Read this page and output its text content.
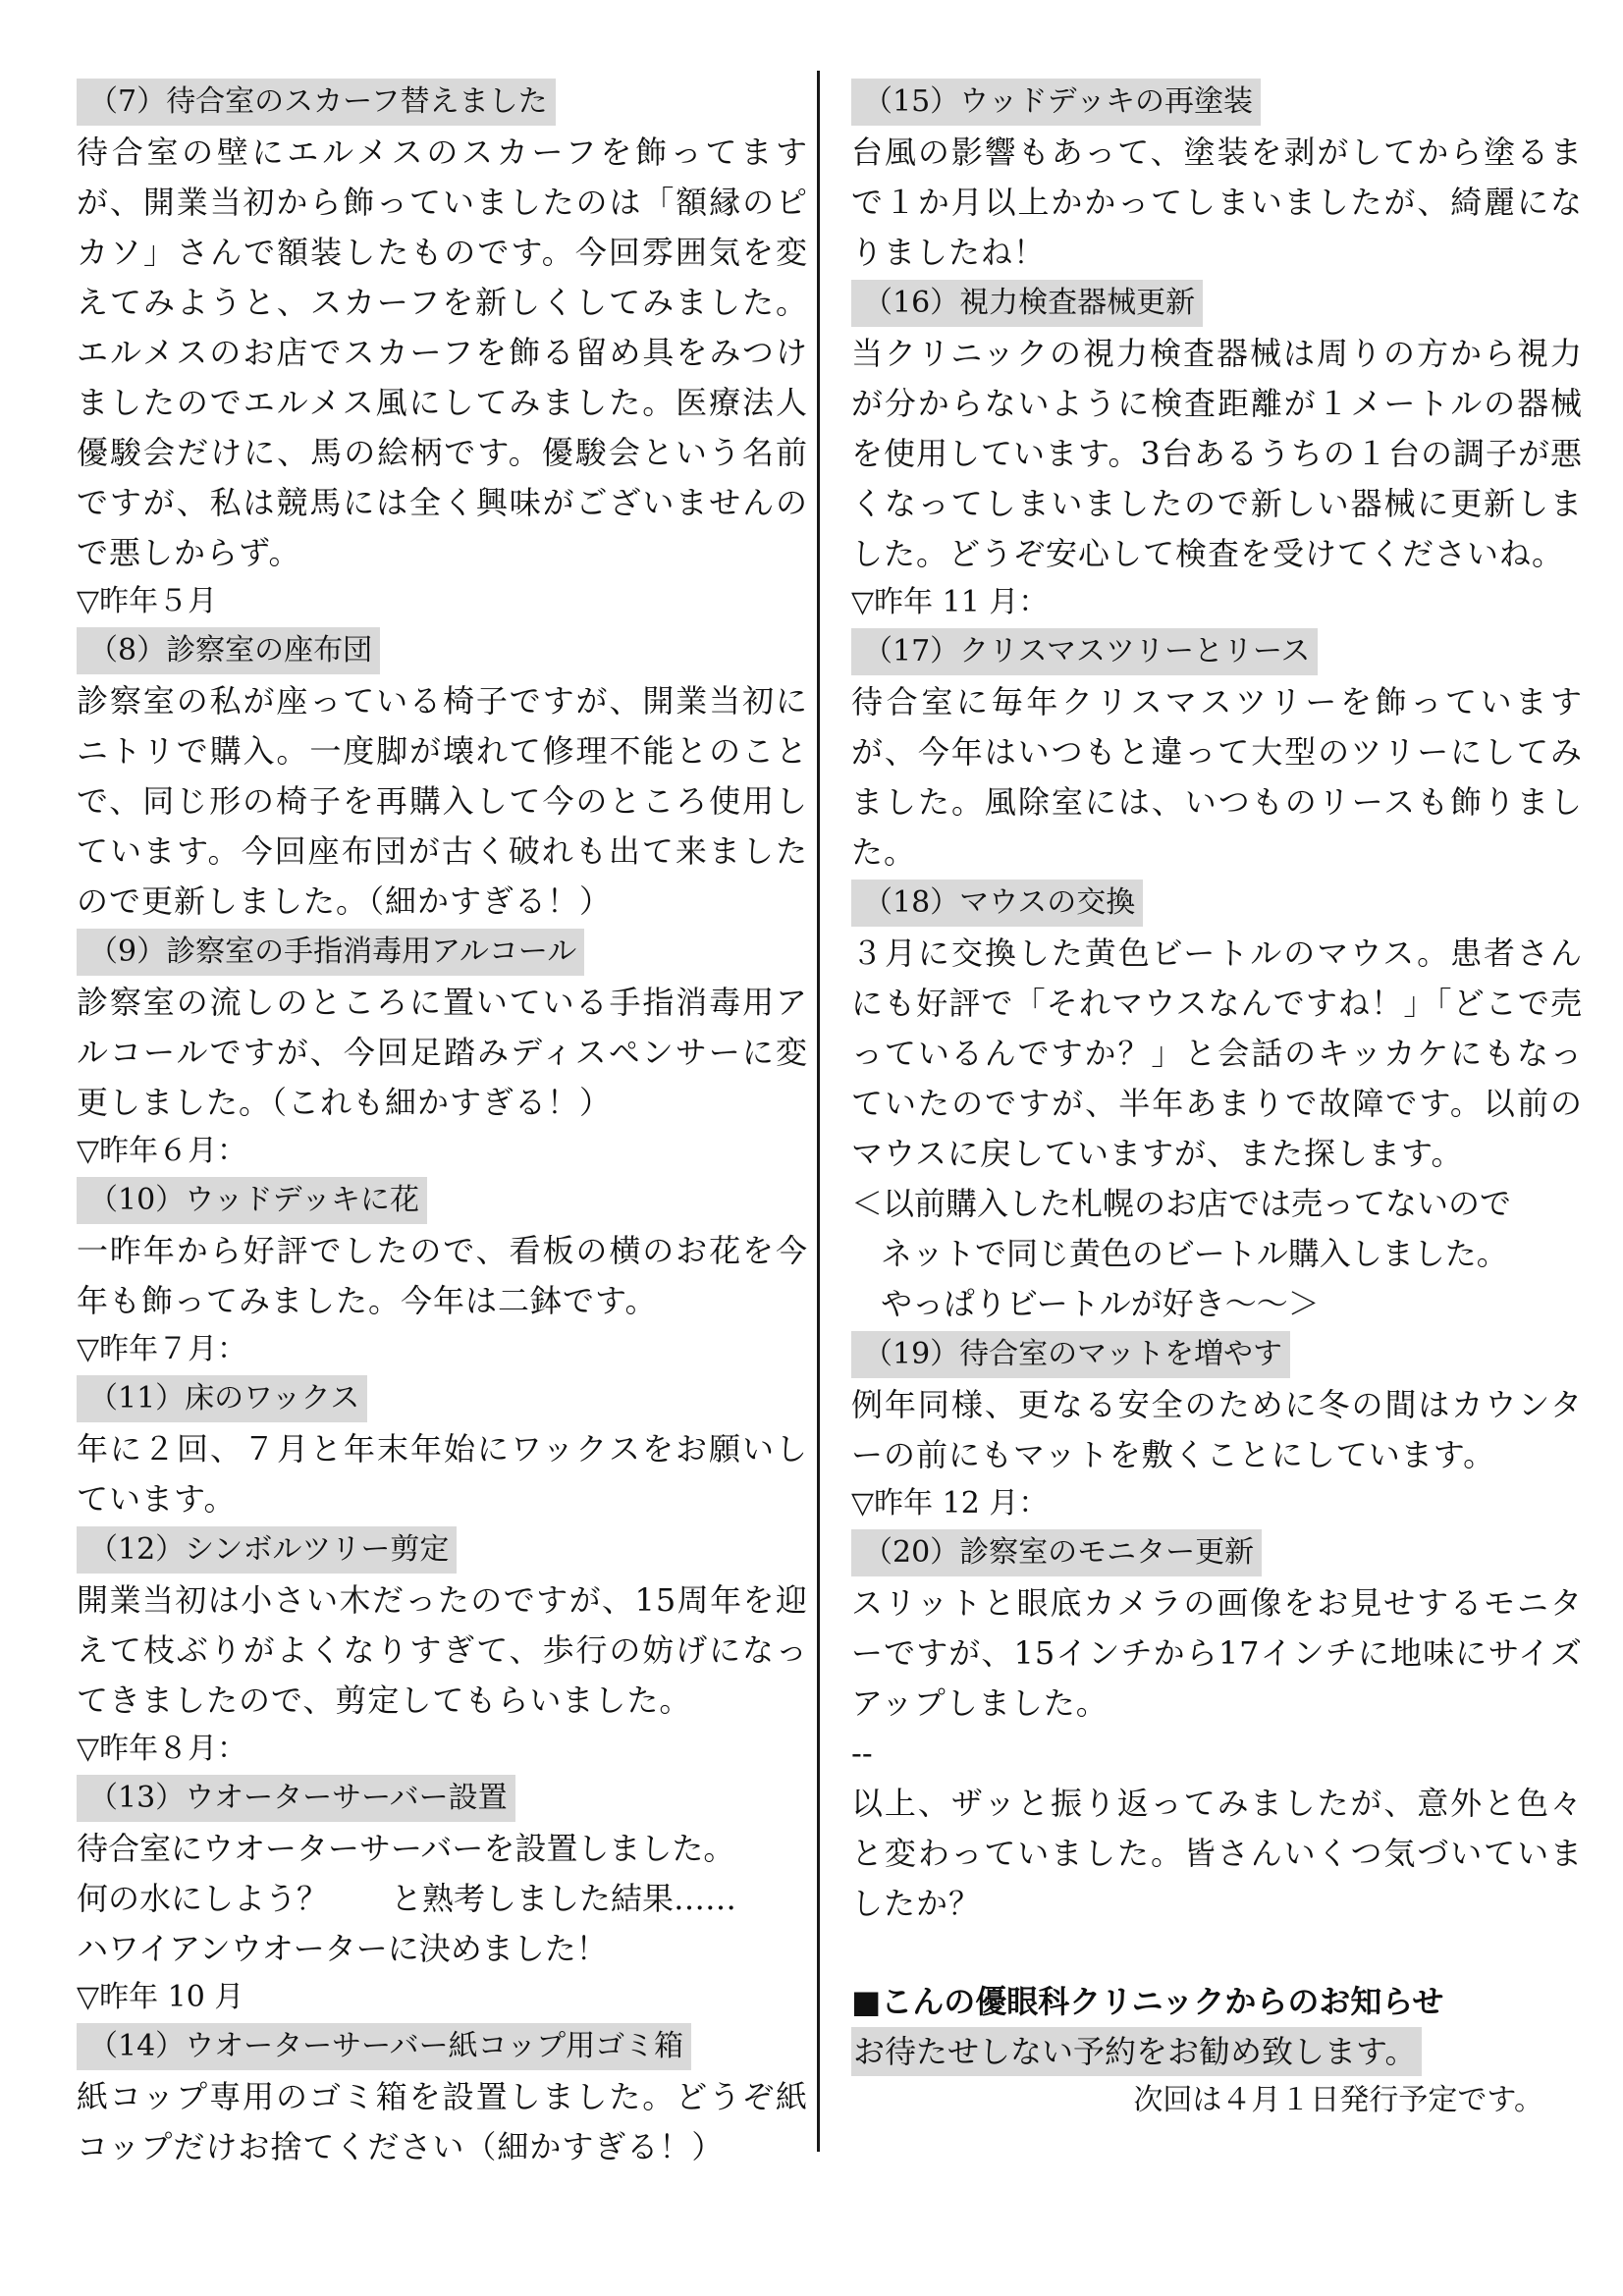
（7）待合室のスカーフ替えました
待合室の壁にエルメスのスカーフを飾ってますが、開業当初から飾っていましたのは「額縁のピカソ」さんで額装したものです。今回雰囲気を変えてみようと、スカーフを新しくしてみました。エルメスのお店でスカーフを飾る留め具をみつけましたのでエルメス風にしてみました。医療法人優駿会だけに、馬の絵柄です。優駿会という名前ですが、私は競馬には全く興味がございませんので悪しからず。
▽昨年５月
（8）診察室の座布団
診察室の私が座っている椅子ですが、開業当初にニトリで購入。一度脚が壊れて修理不能とのことで、同じ形の椅子を再購入して今のところ使用しています。今回座布団が古く破れも出て来ましたので更新しました。（細かすぎる！）
（9）診察室の手指消毒用アルコール
診察室の流しのところに置いている手指消毒用アルコールですが、今回足踏みディスペンサーに変更しました。（これも細かすぎる！）
▽昨年６月：
（10）ウッドデッキに花
一昨年から好評でしたので、看板の横のお花を今年も飾ってみました。今年は二鉢です。
▽昨年７月：
（11）床のワックス
年に２回、７月と年末年始にワックスをお願いしています。
（12）シンボルツリー剪定
開業当初は小さい木だったのですが、15周年を迎えて枝ぶりがよくなりすぎて、歩行の妨げになってきましたので、剪定してもらいました。
▽昨年８月：
（13）ウオーターサーバー設置
待合室にウオーターサーバーを設置しました。
何の水にしよう？　　と熟考しました結果……
ハワイアンウオーターに決めました！
▽昨年 10 月
（14）ウオーターサーバー紙コップ用ゴミ箱
紙コップ専用のゴミ箱を設置しました。どうぞ紙コップだけお捨てください（細かすぎる！）
（15）ウッドデッキの再塗装
台風の影響もあって、塗装を剥がしてから塗るまで１か月以上かかってしまいましたが、綺麗になりましたね！
（16）視力検査器械更新
当クリニックの視力検査器械は周りの方から視力が分からないように検査距離が１メートルの器械を使用しています。3台あるうちの１台の調子が悪くなってしまいましたので新しい器械に更新しました。どうぞ安心して検査を受けてくださいね。
▽昨年 11 月：
（17）クリスマスツリーとリース
待合室に毎年クリスマスツリーを飾っていますが、今年はいつもと違って大型のツリーにしてみました。風除室には、いつものリースも飾りました。
（18）マウスの交換
３月に交換した黄色ビートルのマウス。患者さんにも好評で「それマウスなんですね！」「どこで売っているんですか？」と会話のキッカケにもなっていたのですが、半年あまりで故障です。以前のマウスに戻していますが、また探します。
＜以前購入した札幌のお店では売ってないので
ネットで同じ黄色のビートル購入しました。
やっぱりビートルが好き～～＞
（19）待合室のマットを増やす
例年同様、更なる安全のために冬の間はカウンターの前にもマットを敷くことにしています。
▽昨年 12 月：
（20）診察室のモニター更新
スリットと眼底カメラの画像をお見せするモニターですが、15インチから17インチに地味にサイズアップしました。
--
以上、ザッと振り返ってみましたが、意外と色々と変わっていました。皆さんいくつ気づいていましたか？
■こんの優眼科クリニックからのお知らせ
お待たせしない予約をお勧め致します。
次回は４月１日発行予定です。
